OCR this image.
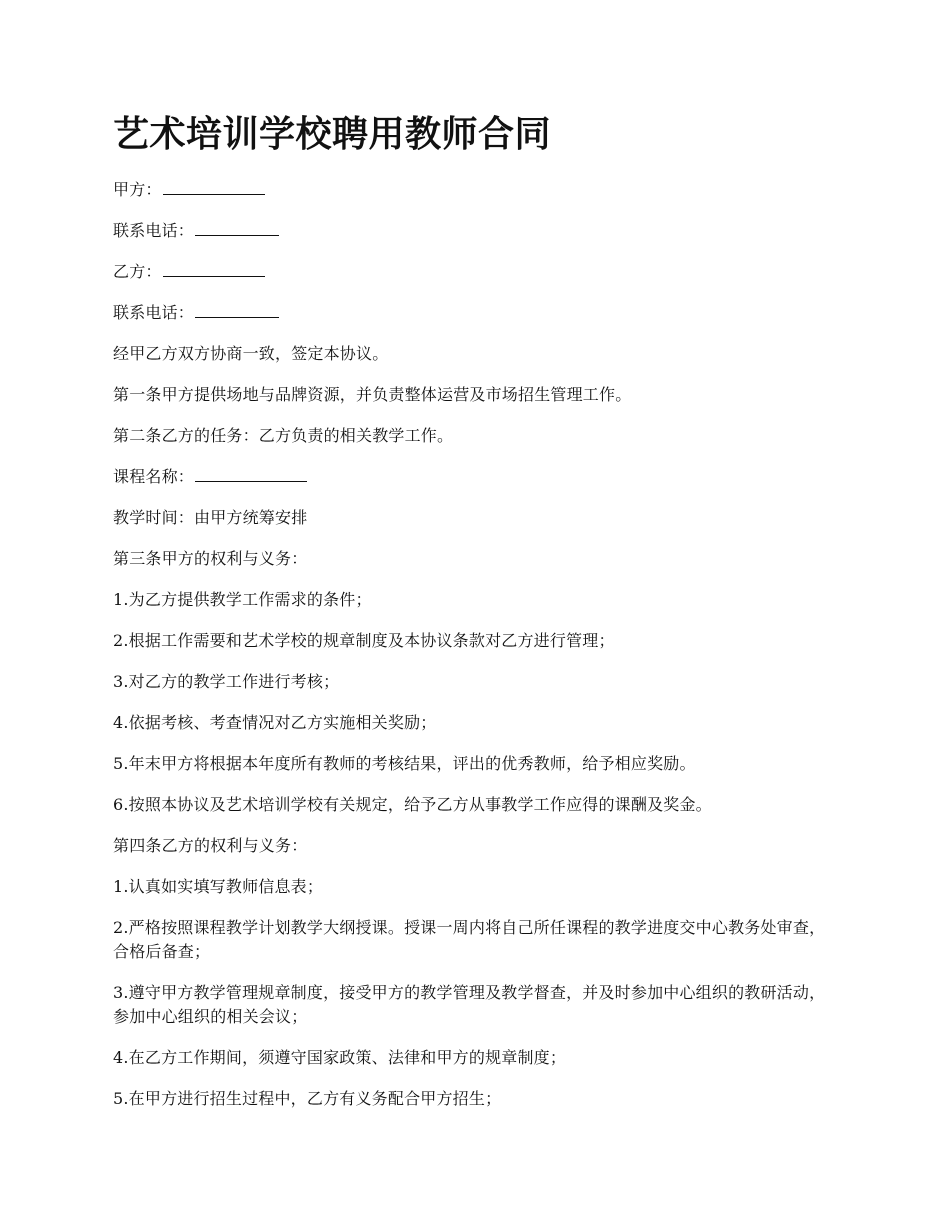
艺术培训学校聘用教师合同

甲方：

联系电话：

乙方：

联系电话：

经甲乙方双方协商一致，签定本协议。

第一条甲方提供场地与品牌资源，并负责整体运营及市场招生管理工作。

第二条乙方的任务：乙方负责的相关教学工作。

课程名称：

教学时间：由甲方统筹安排

第三条甲方的权利与义务：

1.为乙方提供教学工作需求的条件；

2.根据工作需要和艺术学校的规章制度及本协议条款对乙方进行管理；

3.对乙方的教学工作进行考核；

4.依据考核、考查情况对乙方实施相关奖励；

5.年末甲方将根据本年度所有教师的考核结果，评出的优秀教师，给予相应奖励。

6.按照本协议及艺术培训学校有关规定，给予乙方从事教学工作应得的课酬及奖金。

第四条乙方的权利与义务：

1.认真如实填写教师信息表；

2.严格按照课程教学计划教学大纲授课。授课一周内将自己所任课程的教学进度交中心教务处审查，合格后备查；

3.遵守甲方教学管理规章制度，接受甲方的教学管理及教学督查，并及时参加中心组织的教研活动，参加中心组织的相关会议；

4.在乙方工作期间，须遵守国家政策、法律和甲方的规章制度；

5.在甲方进行招生过程中，乙方有义务配合甲方招生；
